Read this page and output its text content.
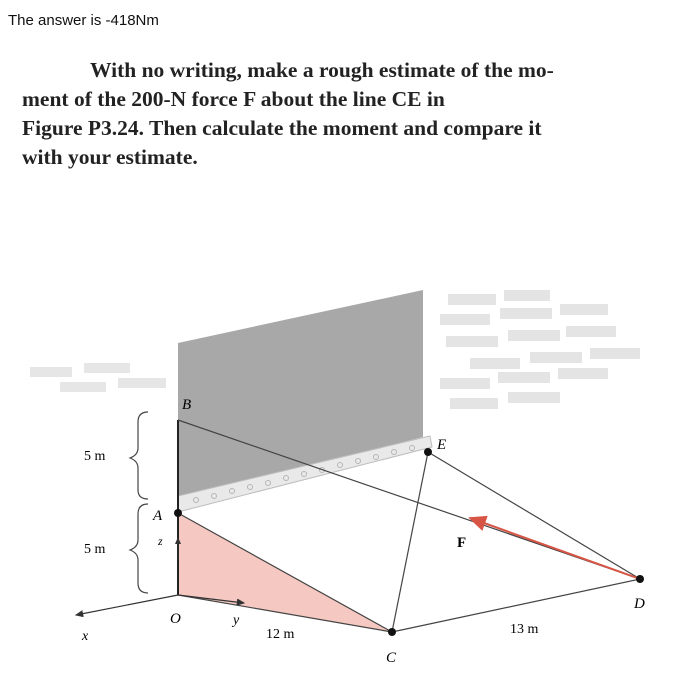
The answer is -418Nm
With no writing, make a rough estimate of the mo-
ment of the 200-N force F about the line CE in
Figure P3.24. Then calculate the moment and compare it
with your estimate.
B
A
E
F
D
C
O
x
y
z
5 m
5 m
12 m	13 m
